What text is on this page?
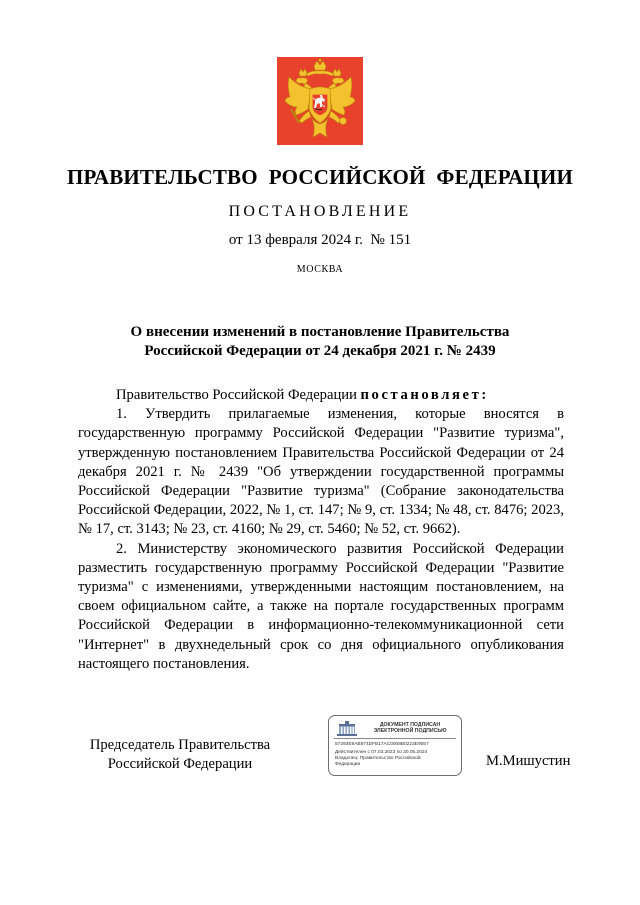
ПРАВИТЕЛЬСТВО  РОССИЙСКОЙ  ФЕДЕРАЦИИ
ПОСТАНОВЛЕНИЕ
от 13 февраля 2024 г.  № 151
МОСКВА
О внесении изменений в постановление Правительства
Российской Федерации от 24 декабря 2021 г. № 2439

Правительство Российской Федерации постановляет:

1. Утвердить прилагаемые изменения, которые вносятся в государственную программу Российской Федерации "Развитие туризма", утвержденную постановлением Правительства Российской Федерации от 24 декабря 2021 г. № 2439 "Об утверждении государственной программы Российской Федерации "Развитие туризма" (Собрание законодательства Российской Федерации, 2022, № 1, ст. 147; № 9, ст. 1334; № 48, ст. 8476; 2023, № 17, ст. 3143; № 23, ст. 4160; № 29, ст. 5460; № 52, ст. 9662).

2. Министерству экономического развития Российской Федерации разместить государственную программу Российской Федерации "Развитие туризма" с изменениями, утвержденными настоящим постановлением, на своем официальном сайте, а также на портале государственных программ Российской Федерации в информационно-телекоммуникационной сети "Интернет" в двухнедельный срок со дня официального опубликования настоящего постановления.

Председатель Правительства
Российской Федерации
ДОКУМЕНТ ПОДПИСАН
ЭЛЕКТРОННОЙ ПОДПИСЬЮ
57293E9AB874DFB17AC0008B0223E9057
Действителен с 07.03.2023 по 30.05.2024
Владелец: Правительство Российской
Федерации	М.Мишустин
